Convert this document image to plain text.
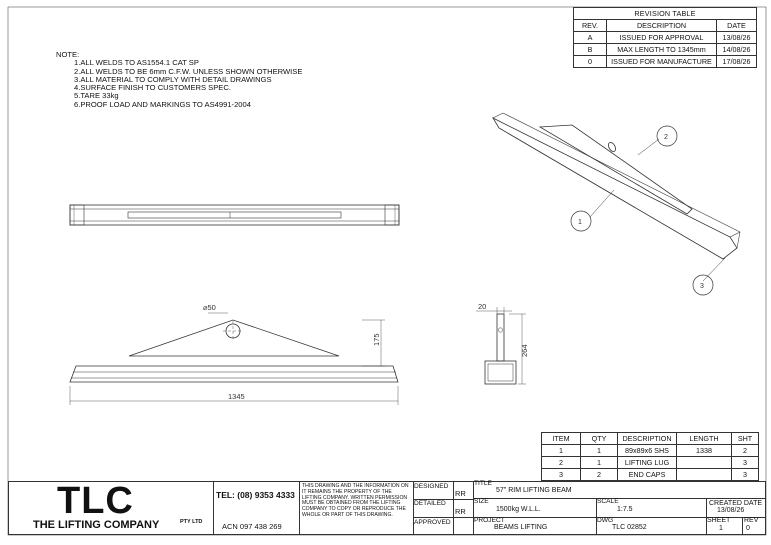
⌀50
175
1345
20
264
1
2
3
REVISION TABLE		
REV.	DESCRIPTION	DATE
A	ISSUED FOR APPROVAL	13/08/26
B	MAX LENGTH TO 1345mm	14/08/26
0	ISSUED FOR MANUFACTURE	17/08/26
NOTE:
1.ALL WELDS TO AS1554.1 CAT SP
2.ALL WELDS TO BE 6mm C.F.W. UNLESS SHOWN OTHERWISE
3.ALL MATERIAL TO COMPLY WITH DETAIL DRAWINGS
4.SURFACE FINISH TO CUSTOMERS SPEC.
5.TARE 33kg
6.PROOF LOAD AND MARKINGS TO AS4991-2004
ITEM	QTY	DESCRIPTION	LENGTH	SHT
1	1	89x89x6 SHS	1338	2
2	1	LIFTING LUG		3
3	2	END CAPS		3
TLC
THE LIFTING COMPANY	PTY LTD
TEL: (08) 9353 4333
ACN 097 438 269
THIS DRAWING AND THE INFORMATION ON IT REMAINS THE PROPERTY OF THE LIFTING COMPANY. WRITTEN PERMISSION MUST BE OBTAINED FROM THE LIFTING COMPANY TO COPY OR REPRODUCE THE WHOLE OR PART OF THIS DRAWING.
DESIGNED
RR
DETAILED
RR
APPROVED
TITLE
57" RIM LIFTING BEAM
SIZE
1500kg W.L.L.
SCALE
1:7.5
CREATED DATE
13/08/26
PROJECT
BEAMS LIFTING
DWG
TLC 02852
SHEET
1
REV
0
